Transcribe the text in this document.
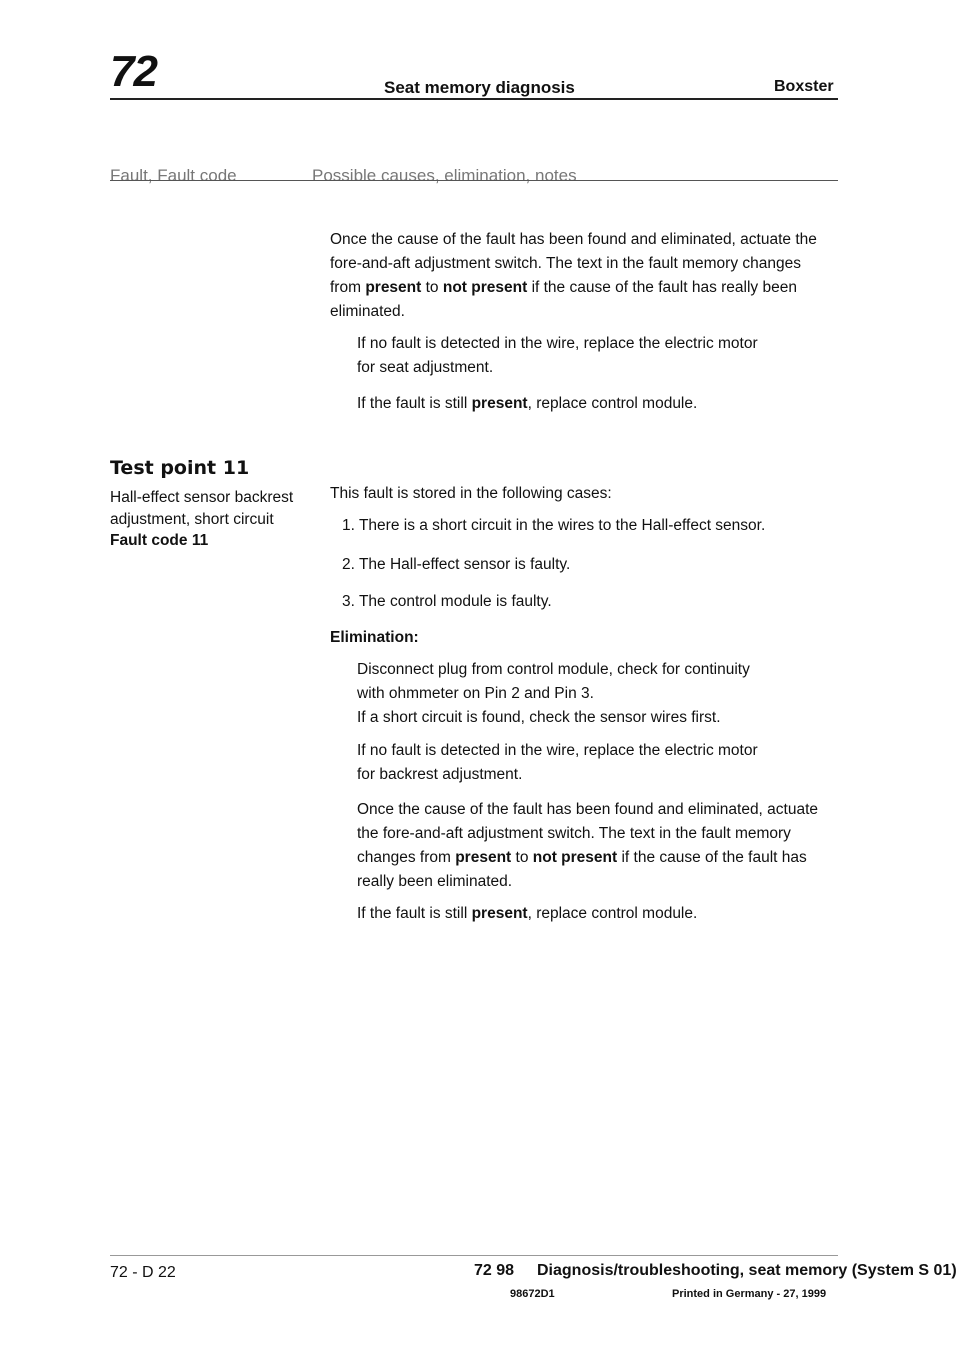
72	Seat memory diagnosis	Boxster
Fault, Fault code	Possible causes, elimination, notes

Once the cause of the fault has been found and eliminated, actuate the fore-and-aft adjustment switch. The text in the fault memory changes from present to not present if the cause of the fault has really been eliminated.

If no fault is detected in the wire, replace the electric motor for seat adjustment.

If the fault is still present, replace control module.

Test point 11
Hall-effect sensor backrest adjustment, short circuit
Fault code 11

This fault is stored in the following cases:

1. There is a short circuit in the wires to the Hall-effect sensor.
2. The Hall-effect sensor is faulty.
3. The control module is faulty.
Elimination:
Disconnect plug from control module, check for continuity
with ohmmeter on Pin 2 and Pin 3.
If a short circuit is found, check the sensor wires first.

If no fault is detected in the wire, replace the electric motor for backrest adjustment.

Once the cause of the fault has been found and eliminated, actuate the fore-and-aft adjustment switch. The text in the fault memory changes from present to not present if the cause of the fault has really been eliminated.

If the fault is still present, replace control module.

72 - D 22	72 98 Diagnosis/troubleshooting, seat memory (System S 01)
98672D1	Printed in Germany - 27, 1999
